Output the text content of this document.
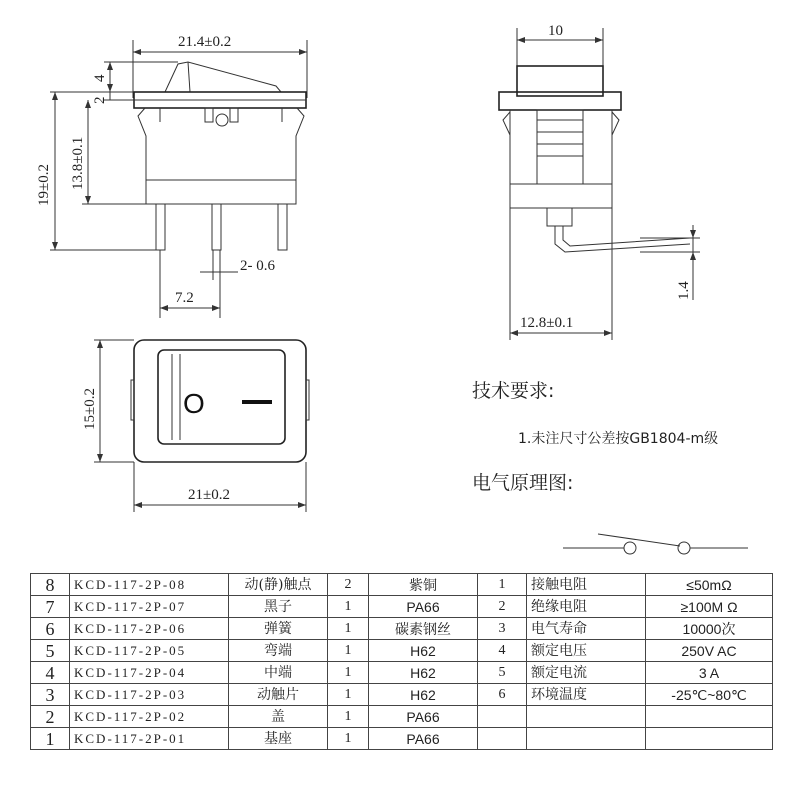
21.4±0.2
19±0.2 13.8±0.1
4
2
7.2
2- 0.6
10
1.4
12.8±0.1
O
15±0.2
21±0.2
技术要求:
1.未注尺寸公差按GB1804-m级
电气原理图:
8	KCD-117-2P-08	动(静)触点	2	紫铜	1	接触电阻	≤50mΩ
7	KCD-117-2P-07	黑子	1	PA66	2	绝缘电阻	≥100M Ω
6	KCD-117-2P-06	弹簧	1	碳素钢丝	3	电气寿命	10000次
5	KCD-117-2P-05	弯端	1	H62	4	额定电压	250V AC
4	KCD-117-2P-04	中端	1	H62	5	额定电流	3 A
3	KCD-117-2P-03	动触片	1	H62	6	环境温度	-25℃~80℃
2	KCD-117-2P-02	盖	1	PA66			
1	KCD-117-2P-01	基座	1	PA66			
